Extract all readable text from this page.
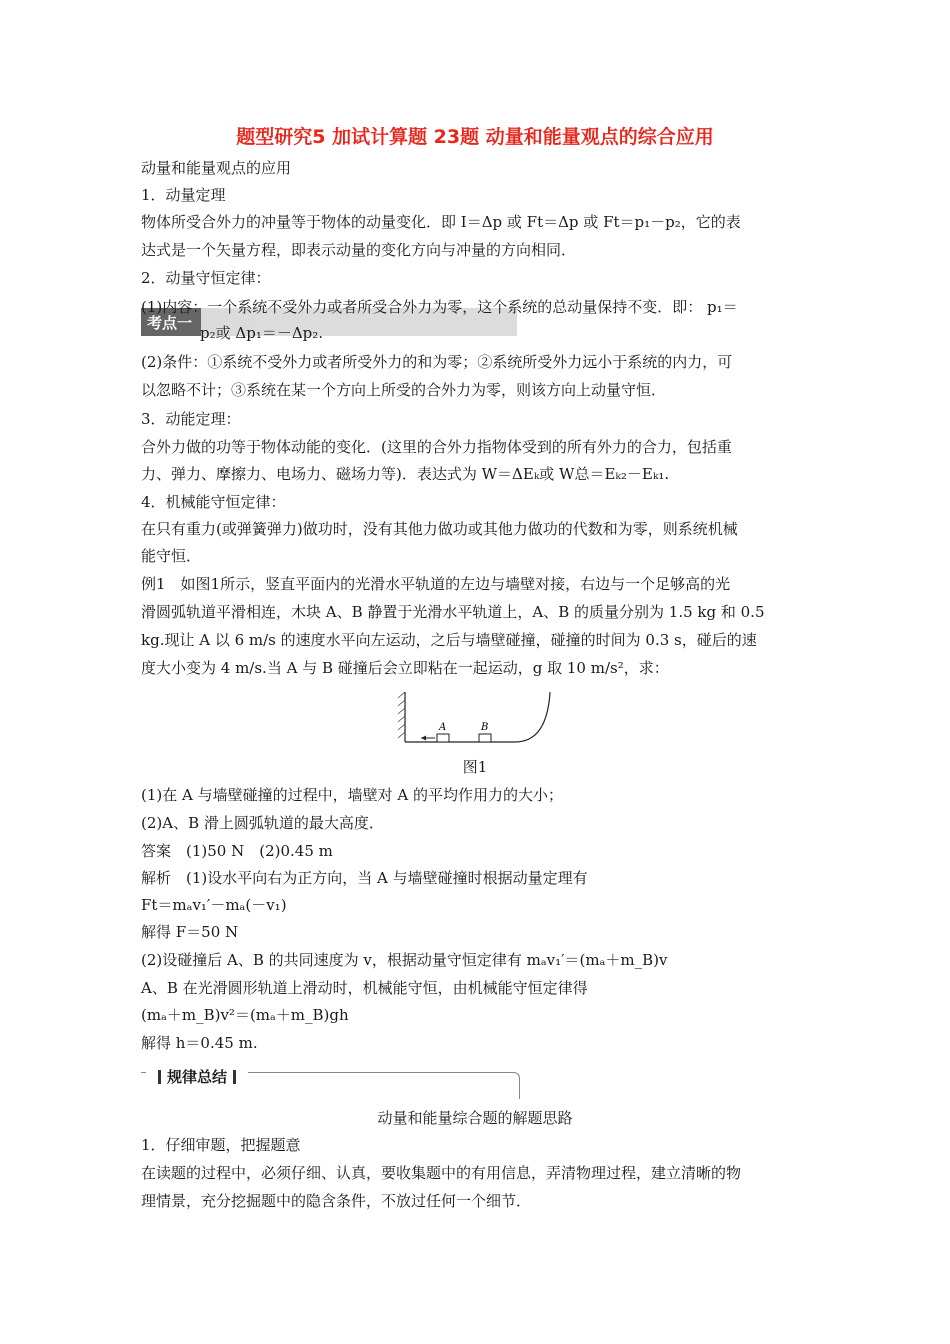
题型研究5 加试计算题 23题 动量和能量观点的综合应用
动量和能量观点的应用
1．动量定理
物体所受合外力的冲量等于物体的动量变化．即 I＝Δp 或 Ft＝Δp 或 Ft＝p₁－p₂，它的表
达式是一个矢量方程，即表示动量的变化方向与冲量的方向相同．
2．动量守恒定律：
考点一
(1)内容：一个系统不受外力或者所受合外力为零，这个系统的总动量保持不变．即： p₁＝
p₂或 Δp₁＝－Δp₂.
(2)条件：①系统不受外力或者所受外力的和为零；②系统所受外力远小于系统的内力，可
以忽略不计；③系统在某一个方向上所受的合外力为零，则该方向上动量守恒．
3．动能定理：
合外力做的功等于物体动能的变化．(这里的合外力指物体受到的所有外力的合力，包括重
力、弹力、摩擦力、电场力、磁场力等)．表达式为 W＝ΔEₖ或 W总＝Eₖ₂－Eₖ₁.
4．机械能守恒定律：
在只有重力(或弹簧弹力)做功时，没有其他力做功或其他力做功的代数和为零，则系统机械
能守恒．
例1　如图1所示，竖直平面内的光滑水平轨道的左边与墙壁对接，右边与一个足够高的光
滑圆弧轨道平滑相连，木块 A、B 静置于光滑水平轨道上，A、B 的质量分别为 1.5 kg 和 0.5
kg.现让 A 以 6 m/s 的速度水平向左运动，之后与墙壁碰撞，碰撞的时间为 0.3 s，碰后的速
度大小变为 4 m/s.当 A 与 B 碰撞后会立即粘在一起运动，g 取 10 m/s²，求：
A	B
图1
(1)在 A 与墙壁碰撞的过程中，墙壁对 A 的平均作用力的大小；
(2)A、B 滑上圆弧轨道的最大高度．
答案　(1)50 N　(2)0.45 m
解析　(1)设水平向右为正方向，当 A 与墙壁碰撞时根据动量定理有
Ft＝mₐv₁′－mₐ(－v₁)
解得 F＝50 N
(2)设碰撞后 A、B 的共同速度为 v，根据动量守恒定律有 mₐv₁′＝(mₐ＋m_B)v
A、B 在光滑圆形轨道上滑动时，机械能守恒，由机械能守恒定律得
(mₐ＋m_B)v²＝(mₐ＋m_B)gh
解得 h＝0.45 m.
规律总结
动量和能量综合题的解题思路
1．仔细审题，把握题意
在读题的过程中，必须仔细、认真，要收集题中的有用信息，弄清物理过程，建立清晰的物
理情景，充分挖掘题中的隐含条件，不放过任何一个细节．
